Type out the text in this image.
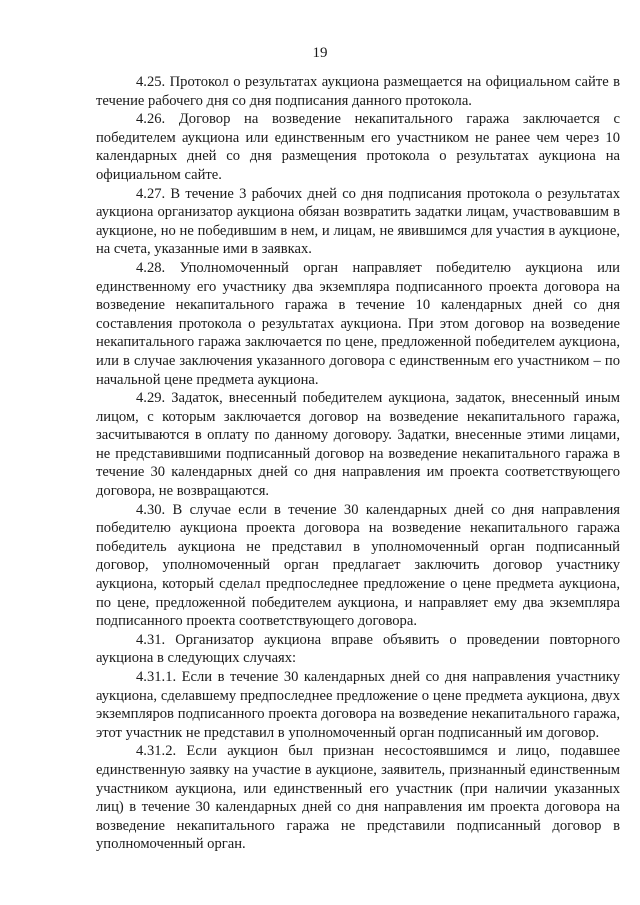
19

4.25. Протокол о результатах аукциона размещается на официальном сайте в течение рабочего дня со дня подписания данного протокола.

4.26. Договор на возведение некапитального гаража заключается с победителем аукциона или единственным его участником не ранее чем через 10 календарных дней со дня размещения протокола о результатах аукциона на официальном сайте.

4.27. В течение 3 рабочих дней со дня подписания протокола о результатах аукциона организатор аукциона обязан возвратить задатки лицам, участвовавшим в аукционе, но не победившим в нем, и лицам, не явившимся для участия в аукционе, на счета, указанные ими в заявках.

4.28. Уполномоченный орган направляет победителю аукциона или единственному его участнику два экземпляра подписанного проекта договора на возведение некапитального гаража в течение 10 календарных дней со дня составления протокола о результатах аукциона. При этом договор на возведение некапитального гаража заключается по цене, предложенной победителем аукциона, или в случае заключения указанного договора с единственным его участником – по начальной цене предмета аукциона.

4.29. Задаток, внесенный победителем аукциона, задаток, внесенный иным лицом, с которым заключается договор на возведение некапитального гаража, засчитываются в оплату по данному договору. Задатки, внесенные этими лицами, не представившими подписанный договор на возведение некапитального гаража в течение 30 календарных дней со дня направления им проекта соответствующего договора, не возвращаются.

4.30. В случае если в течение 30 календарных дней со дня направления победителю аукциона проекта договора на возведение некапитального гаража победитель аукциона не представил в уполномоченный орган подписанный договор, уполномоченный орган предлагает заключить договор участнику аукциона, который сделал предпоследнее предложение о цене предмета аукциона, по цене, предложенной победителем аукциона, и направляет ему два экземпляра подписанного проекта соответствующего договора.

4.31. Организатор аукциона вправе объявить о проведении повторного аукциона в следующих случаях:

4.31.1. Если в течение 30 календарных дней со дня направления участнику аукциона, сделавшему предпоследнее предложение о цене предмета аукциона, двух экземпляров подписанного проекта договора на возведение некапитального гаража, этот участник не представил в уполномоченный орган подписанный им договор.

4.31.2. Если аукцион был признан несостоявшимся и лицо, подавшее единственную заявку на участие в аукционе, заявитель, признанный единственным участником аукциона, или единственный его участник (при наличии указанных лиц) в течение 30 календарных дней со дня направления им проекта договора на возведение некапитального гаража не представили подписанный договор в уполномоченный орган.
